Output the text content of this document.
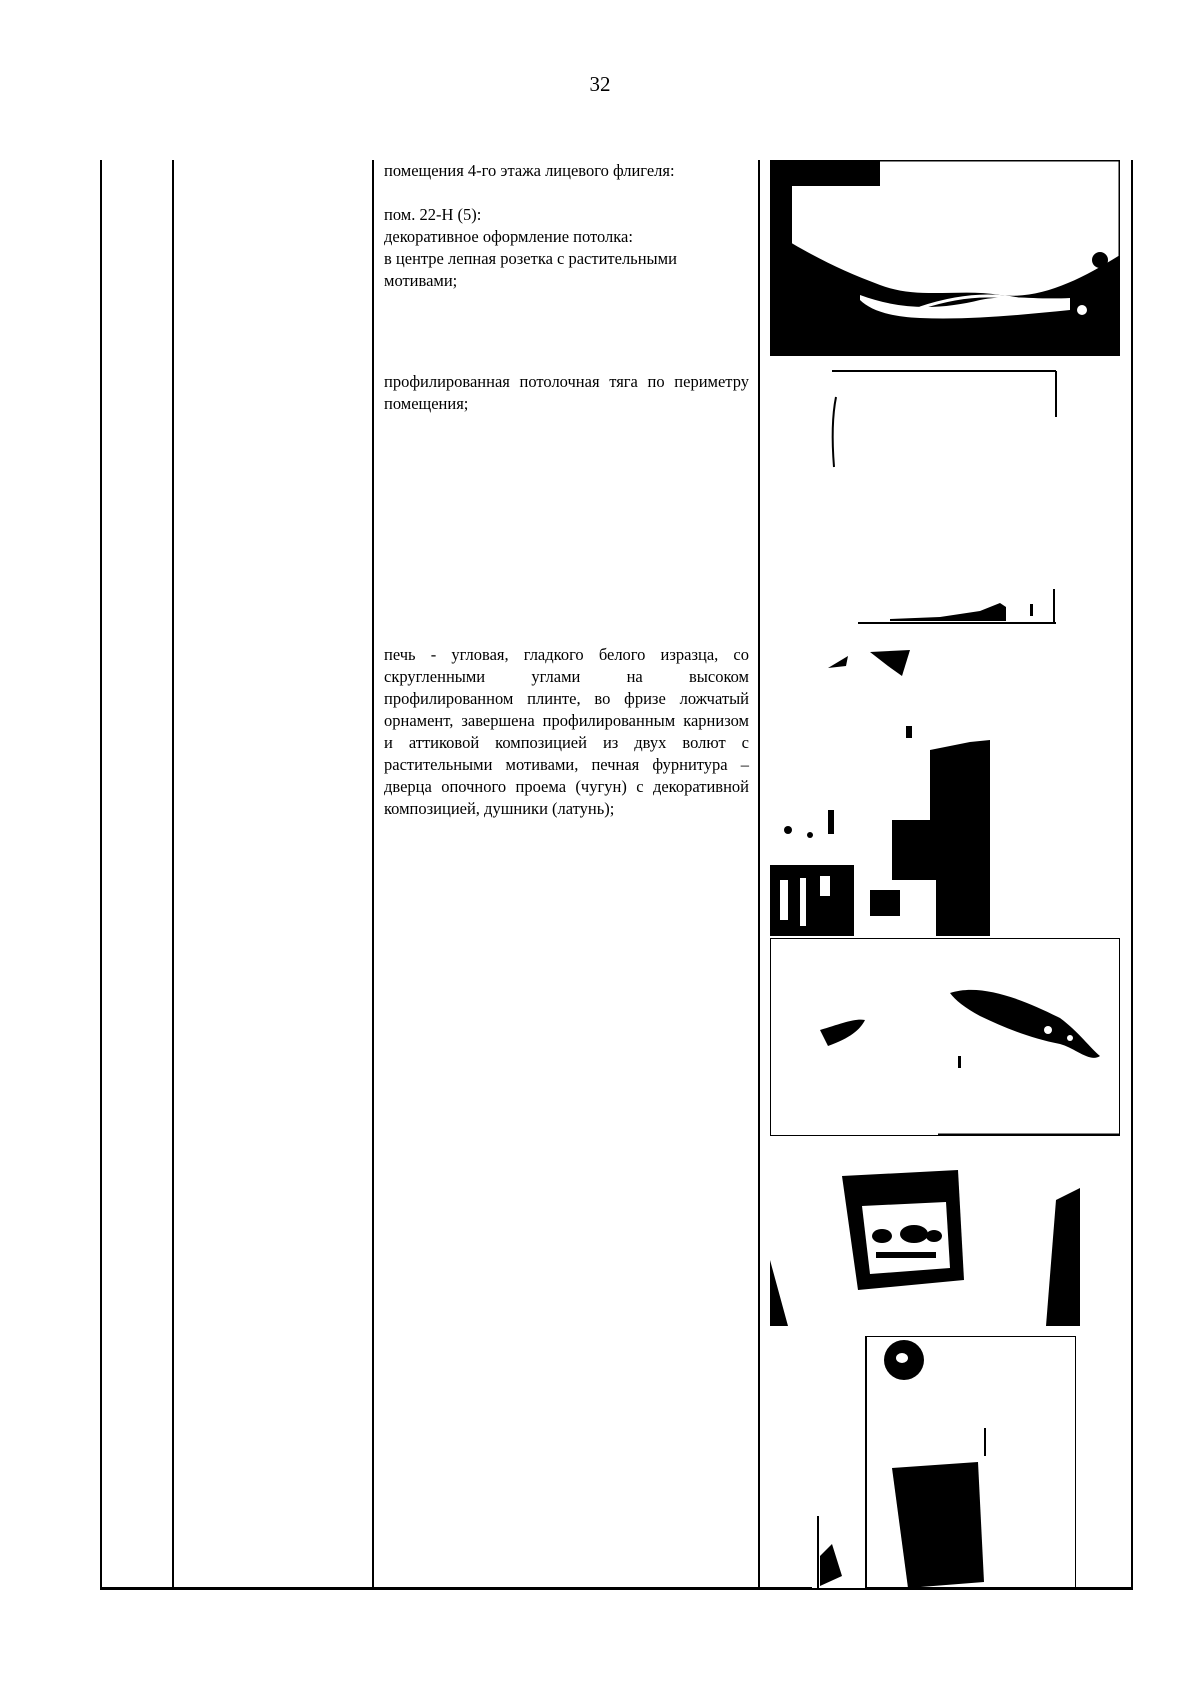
32

помещения 4-го этажа лицевого флигеля:

пом. 22-Н (5):

декоративное оформление потолка:

в центре лепная розетка с растительными мотивами;

профилированная потолочная тяга по периметру помещения;

печь - угловая, гладкого белого изразца, со скругленными углами на высоком профилированном плинте, во фризе ложчатый орнамент, завершена профилированным карнизом и аттиковой композицией из двух волют с растительными мотивами, печная фурнитура – дверца опочного проема (чугун) с декоративной композицией, душники (латунь);
